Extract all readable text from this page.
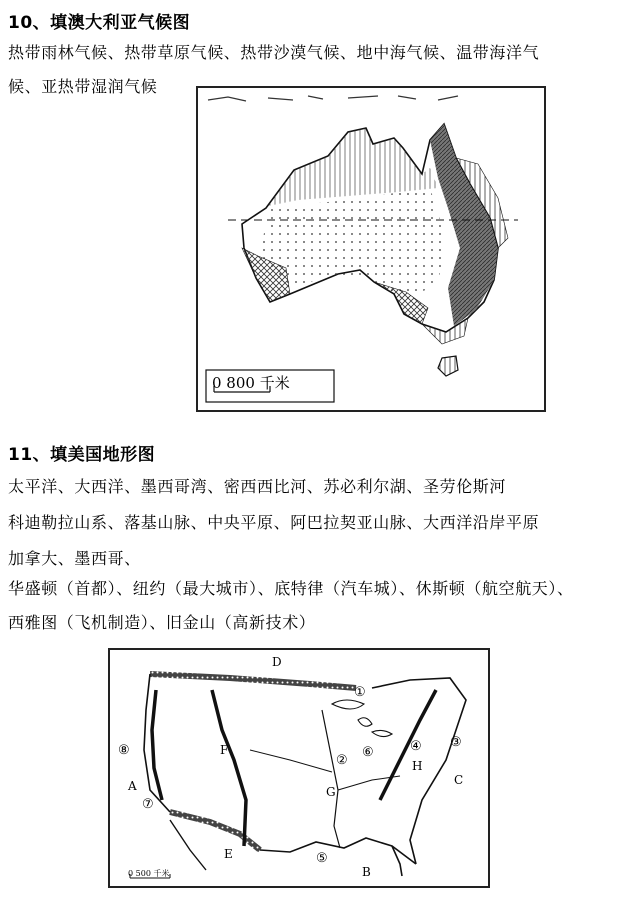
10、填澳大利亚气候图
热带雨林气候、热带草原气候、热带沙漠气候、地中海气候、温带海洋气
候、亚热带湿润气候
0 800 千米
11、填美国地形图
太平洋、大西洋、墨西哥湾、密西西比河、苏必利尔湖、圣劳伦斯河
科迪勒拉山系、落基山脉、中央平原、阿巴拉契亚山脉、大西洋沿岸平原
加拿大、墨西哥、
华盛顿（首都）、纽约（最大城市）、底特律（汽车城）、休斯顿（航空航天）、
西雅图（飞机制造）、旧金山（高新技术）
D
A
B
C
E
F
G
H
①
②
③
④
⑤
⑥
⑦
⑧
0 500 千米
